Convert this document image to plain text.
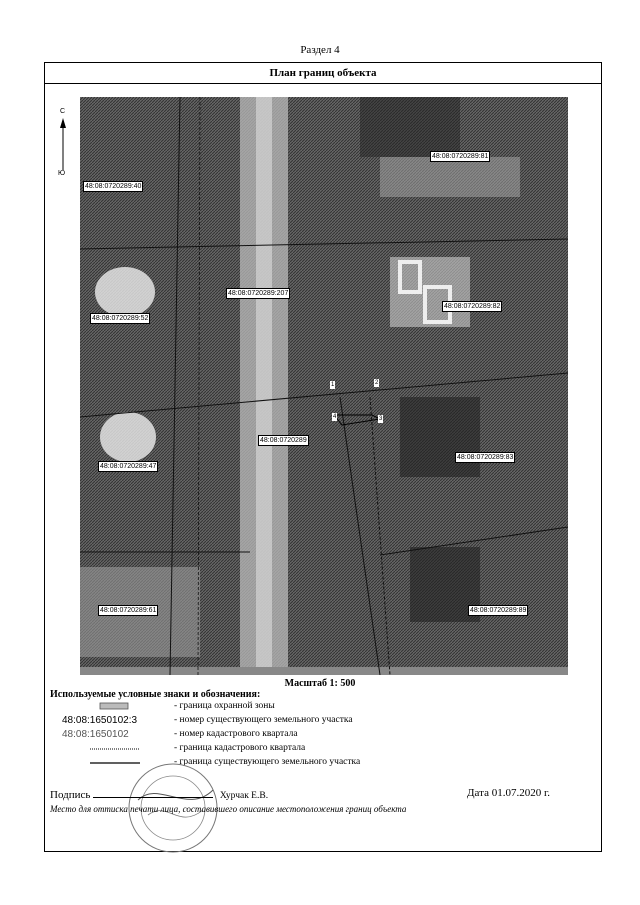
Раздел 4
План границ объекта
С
Ю
48:08:0720289:81
48:08:0720289:40
48:08:0720289:207
48:08:0720289:52
48:08:0720289:82
48:08:0720289
48:08:0720289:47
48:08:0720289:83
48:08:0720289:61	48:08:0720289:89
1	2
3
4
Масштаб 1: 500
Используемые условные знаки и обозначения:
- граница охранной зоны
48:08:1650102:3	- номер существующего земельного участка
48:08:1650102	- номер кадастрового квартала
- граница кадастрового квартала
- граница существующего земельного участка
Подпись	Хурчак Е.В.	Дата 01.07.2020 г.
Место для оттиска печати лица, составившего описание местоположения границ объекта
